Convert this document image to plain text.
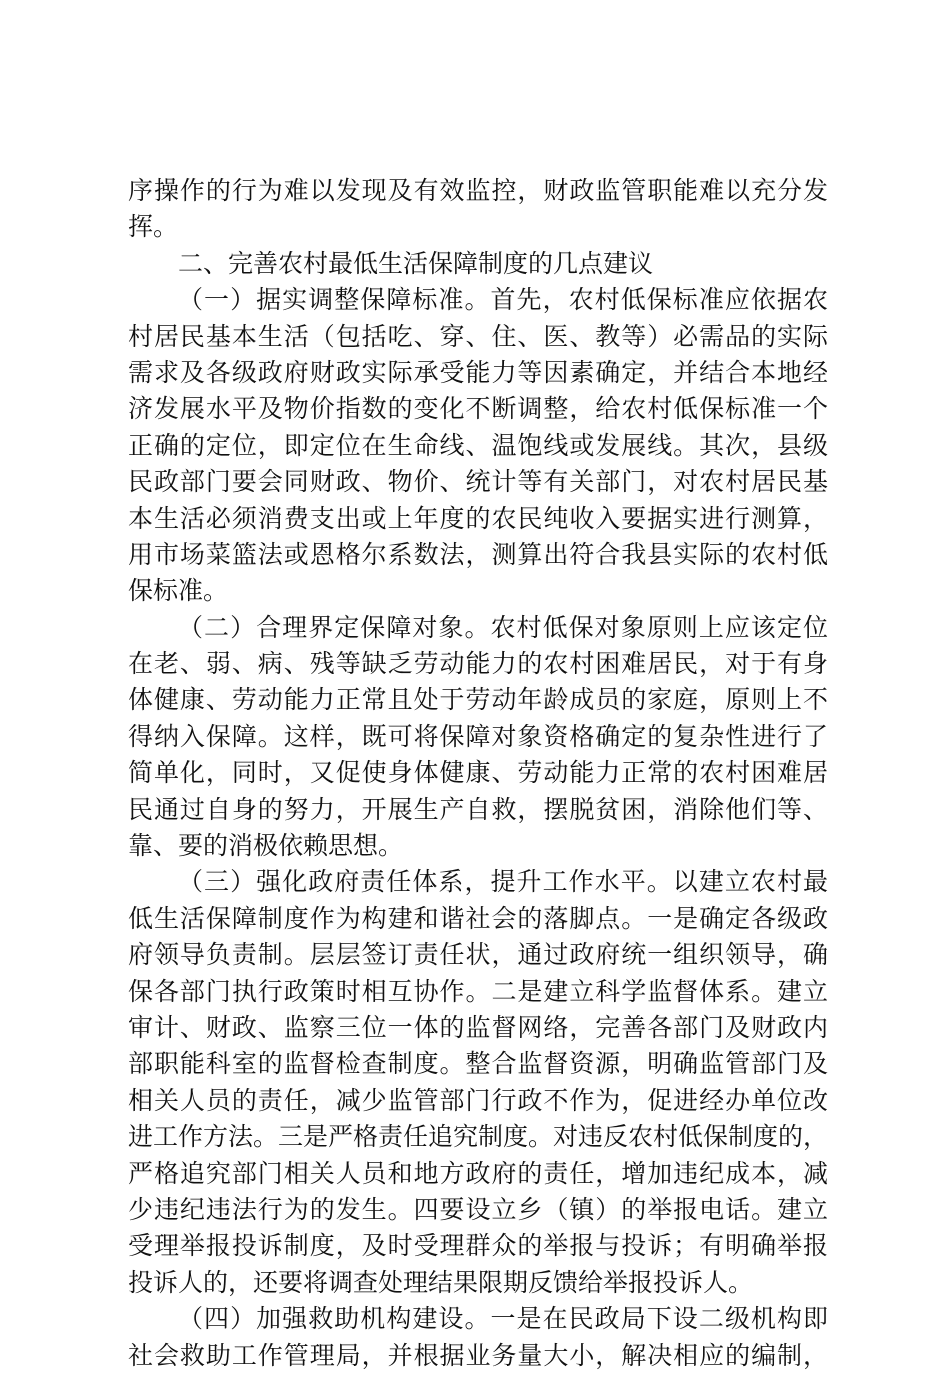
序操作的行为难以发现及有效监控，财政监管职能难以充分发
挥。
二、完善农村最低生活保障制度的几点建议
（一）据实调整保障标准。首先，农村低保标准应依据农
村居民基本生活（包括吃、穿、住、医、教等）必需品的实际
需求及各级政府财政实际承受能力等因素确定，并结合本地经
济发展水平及物价指数的变化不断调整，给农村低保标准一个
正确的定位，即定位在生命线、温饱线或发展线。其次，县级
民政部门要会同财政、物价、统计等有关部门，对农村居民基
本生活必须消费支出或上年度的农民纯收入要据实进行测算，
用市场菜篮法或恩格尔系数法，测算出符合我县实际的农村低
保标准。
（二）合理界定保障对象。农村低保对象原则上应该定位
在老、弱、病、残等缺乏劳动能力的农村困难居民，对于有身
体健康、劳动能力正常且处于劳动年龄成员的家庭，原则上不
得纳入保障。这样，既可将保障对象资格确定的复杂性进行了
简单化，同时，又促使身体健康、劳动能力正常的农村困难居
民通过自身的努力，开展生产自救，摆脱贫困，消除他们等、
靠、要的消极依赖思想。
（三）强化政府责任体系，提升工作水平。以建立农村最
低生活保障制度作为构建和谐社会的落脚点。一是确定各级政
府领导负责制。层层签订责任状，通过政府统一组织领导，确
保各部门执行政策时相互协作。二是建立科学监督体系。建立
审计、财政、监察三位一体的监督网络，完善各部门及财政内
部职能科室的监督检查制度。整合监督资源，明确监管部门及
相关人员的责任，减少监管部门行政不作为，促进经办单位改
进工作方法。三是严格责任追究制度。对违反农村低保制度的，
严格追究部门相关人员和地方政府的责任，增加违纪成本，减
少违纪违法行为的发生。四要设立乡（镇）的举报电话。建立
受理举报投诉制度，及时受理群众的举报与投诉；有明确举报
投诉人的，还要将调查处理结果限期反馈给举报投诉人。
（四）加强救助机构建设。一是在民政局下设二级机构即
社会救助工作管理局，并根据业务量大小，解决相应的编制，
